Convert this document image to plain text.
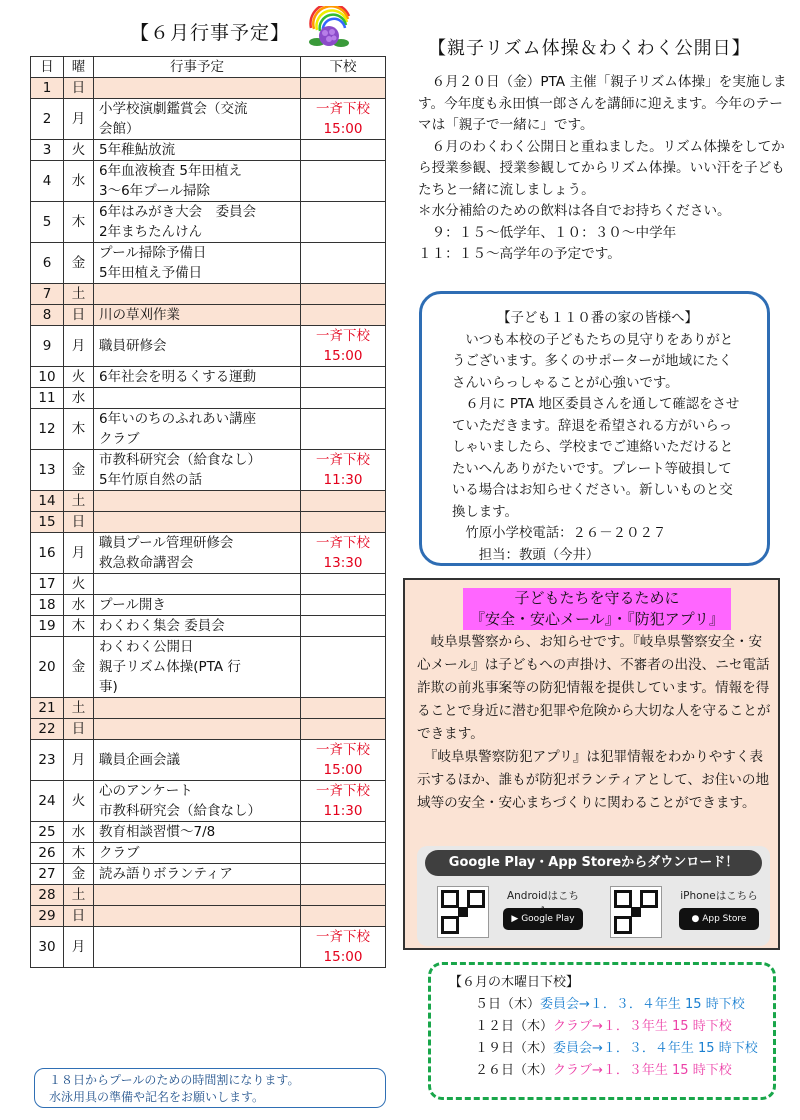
【６月行事予定】
日	曜	行事予定	下校
1	日		
2	月	小学校演劇鑑賞会（交流
会館）	一斉下校
15:00
3	火	5年稚鮎放流	
4	水	6年血液検査 5年田植え
3～6年プール掃除	
5	木	6年はみがき大会　委員会
2年まちたんけん	
6	金	プール掃除予備日
5年田植え予備日	
7	土		
8	日	川の草刈作業	
9	月	職員研修会	一斉下校
15:00
10	火	6年社会を明るくする運動	
11	水		
12	木	6年いのちのふれあい講座
クラブ	
13	金	市教科研究会（給食なし）
5年竹原自然の話	一斉下校
11:30
14	土		
15	日		
16	月	職員プール管理研修会
救急救命講習会	一斉下校
13:30
17	火		
18	水	プール開き	
19	木	わくわく集会 委員会	
20	金	わくわく公開日
親子リズム体操(PTA 行
事)	
21	土		
22	日		
23	月	職員企画会議	一斉下校
15:00
24	火	心のアンケート
市教科研究会（給食なし）	一斉下校
11:30
25	水	教育相談習慣～7/8	
26	木	クラブ	
27	金	読み語りボランティア	
28	土		
29	日		
30	月		一斉下校
15:00
１８日からプールのための時間割になります。
水泳用具の準備や記名をお願いします。
【親子リズム体操＆わくわく公開日】

　６月２０日（金）PTA 主催「親子リズム体操」を実施します。今年度も永田慎一郎さんを講師に迎えます。今年のテーマは「親子で一緒に」です。

　６月のわくわく公開日と重ねました。リズム体操をしてから授業参観、授業参観してからリズム体操。いい汗を子どもたちと一緒に流しましょう。

＊水分補給のための飲料は各自でお持ちください。

　９：１５～低学年、１０：３０～中学年

１１：１５～高学年の予定です。

【子ども１１０番の家の皆様へ】

　いつも本校の子どもたちの見守りをありがとうございます。多くのサポーターが地域にたくさんいらっしゃることが心強いです。

　６月に PTA 地区委員さんを通して確認をさせていただきます。辞退を希望される方がいらっしゃいましたら、学校までご連絡いただけるとたいへんありがたいです。プレート等破損している場合はお知らせください。新しいものと交換します。

　竹原小学校電話：２６－２０２７

　　担当：教頭（今井）

子どもたちを守るために
『安全・安心メール』・『防犯アプリ』

　岐阜県警察から、お知らせです。『岐阜県警察安全・安心メール』は子どもへの声掛け、不審者の出没、ニセ電話詐欺の前兆事案等の防犯情報を提供しています。情報を得ることで身近に潜む犯罪や危険から大切な人を守ることができます。

　『岐阜県警察防犯アプリ』は犯罪情報をわかりやすく表示するほか、誰もが防犯ボランティアとして、お住いの地域等の安全・安心まちづくりに関わることができます。

Google Play・App Storeからダウンロード！
Androidはこち
▶ Google Play
iPhoneはこちら
● App Store
【６月の木曜日下校】
５日（木）委員会→１．３．４年生 15 時下校
１２日（木）クラブ→１．３年生 15 時下校
１９日（木）委員会→１．３．４年生 15 時下校
２６日（木）クラブ→１．３年生 15 時下校
